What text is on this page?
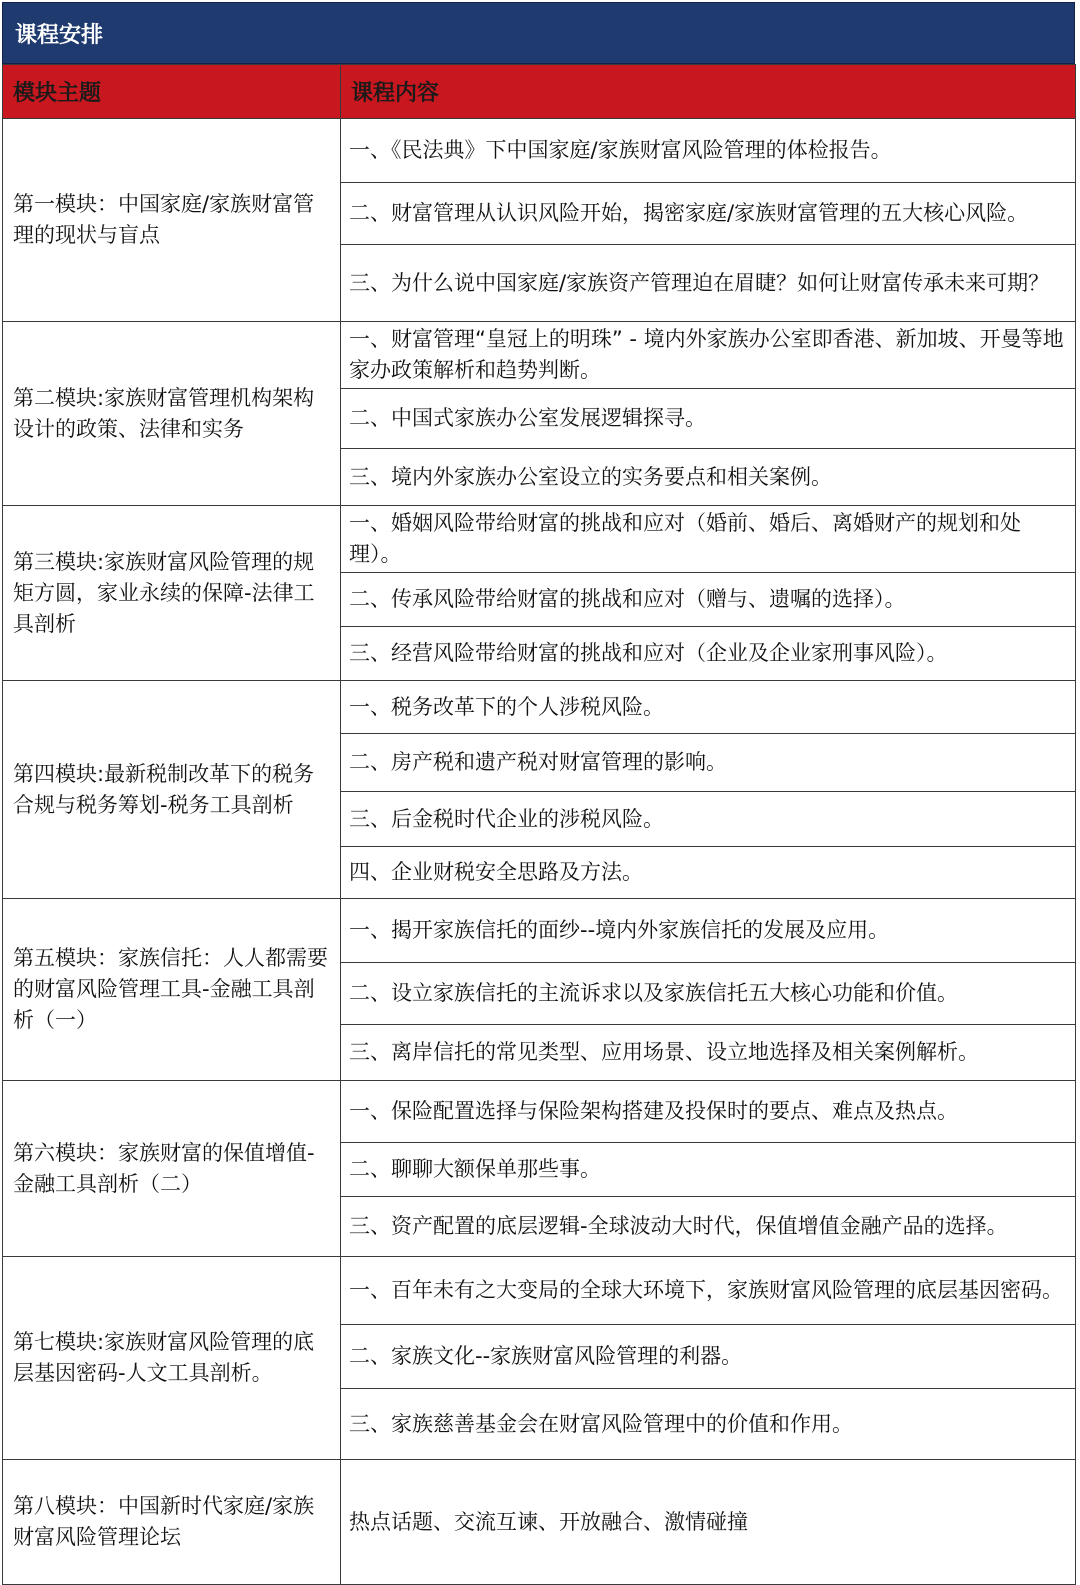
课程安排
模块主题	课程内容

第一模块：中国家庭/家族财富管理的现状与盲点	一、《民法典》下中国家庭/家族财富风险管理的体检报告。
	二、财富管理从认识风险开始，揭密家庭/家族财富管理的五大核心风险。
	三、为什么说中国家庭/家族资产管理迫在眉睫？如何让财富传承未来可期？

第二模块:家族财富管理机构架构设计的政策、法律和实务	一、财富管理“皇冠上的明珠” - 境内外家族办公室即香港、新加坡、开曼等地家办政策解析和趋势判断。
	二、中国式家族办公室发展逻辑探寻。
	三、境内外家族办公室设立的实务要点和相关案例。

第三模块:家族财富风险管理的规矩方圆，家业永续的保障-法律工具剖析	一、婚姻风险带给财富的挑战和应对（婚前、婚后、离婚财产的规划和处理）。
	二、传承风险带给财富的挑战和应对（赠与、遗嘱的选择）。
	三、经营风险带给财富的挑战和应对（企业及企业家刑事风险）。

第四模块:最新税制改革下的税务合规与税务筹划-税务工具剖析	一、税务改革下的个人涉税风险。
	二、房产税和遗产税对财富管理的影响。
	三、后金税时代企业的涉税风险。
	四、企业财税安全思路及方法。

第五模块：家族信托：人人都需要的财富风险管理工具-金融工具剖析（一）	一、揭开家族信托的面纱--境内外家族信托的发展及应用。
	二、设立家族信托的主流诉求以及家族信托五大核心功能和价值。
	三、离岸信托的常见类型、应用场景、设立地选择及相关案例解析。

第六模块：家族财富的保值增值-金融工具剖析（二）	一、保险配置选择与保险架构搭建及投保时的要点、难点及热点。
	二、聊聊大额保单那些事。
	三、资产配置的底层逻辑-全球波动大时代，保值增值金融产品的选择。

第七模块:家族财富风险管理的底层基因密码-人文工具剖析。	一、百年未有之大变局的全球大环境下，家族财富风险管理的底层基因密码。
	二、家族文化--家族财富风险管理的利器。
	三、家族慈善基金会在财富风险管理中的价值和作用。

第八模块：中国新时代家庭/家族财富风险管理论坛	热点话题、交流互谏、开放融合、激情碰撞
